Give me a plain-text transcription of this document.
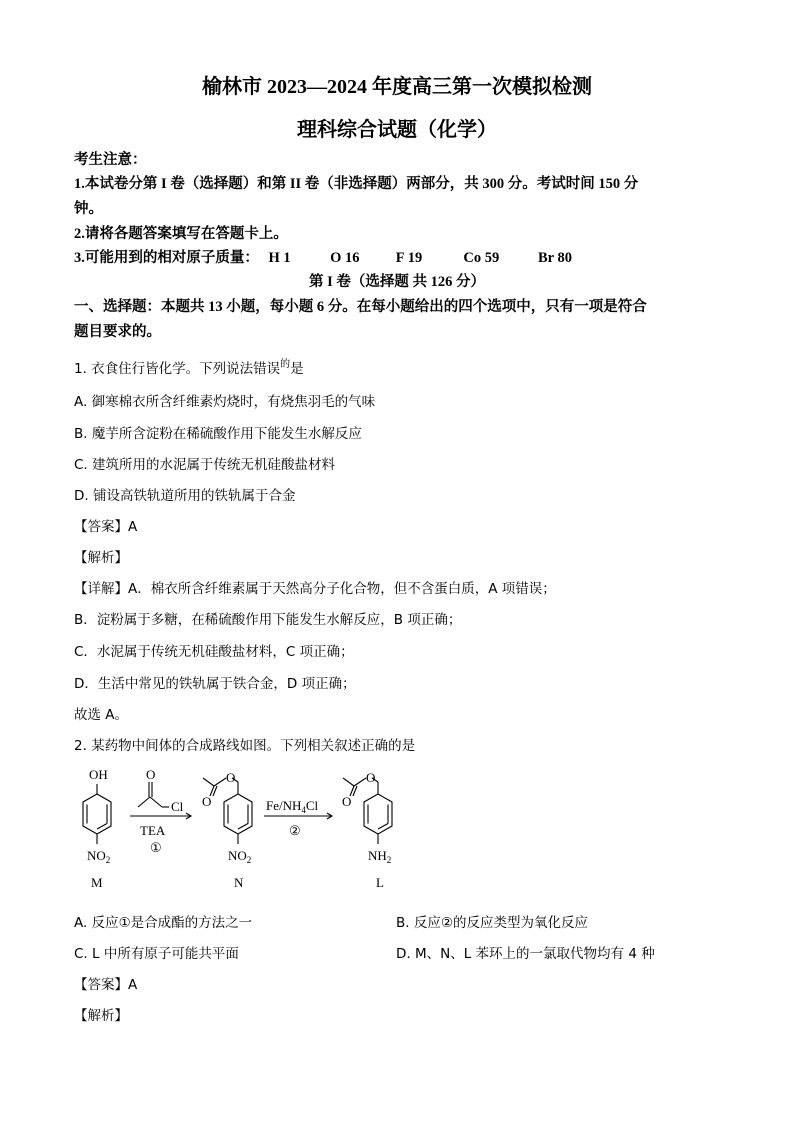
榆林市 2023—2024 年度高三第一次模拟检测
理科综合试题（化学）
考生注意：
1.本试卷分第 I 卷（选择题）和第 II 卷（非选择题）两部分，共 300 分。考试时间 150 分
钟。
2.请将各题答案填写在答题卡上。
3.可能用到的相对原子质量： H 1	O 16 F 19	Co 59	Br 80
第 I 卷（选择题 共 126 分）
一、选择题：本题共 13 小题，每小题 6 分。在每小题给出的四个选项中，只有一项是符合
题目要求的。
1. 衣食住行皆化学。下列说法错误$^的$是
A. 御寒棉衣所含纤维素灼烧时，有烧焦羽毛的气味
B. 魔芋所含淀粉在稀硫酸作用下能发生水解反应
C. 建筑所用的水泥属于传统无机硅酸盐材料
D. 铺设高铁轨道所用的铁轨属于合金
【答案】A
【解析】
【详解】A．棉衣所含纤维素属于天然高分子化合物，但不含蛋白质，A 项错误；
B．淀粉属于多糖，在稀硫酸作用下能发生水解反应，B 项正确；
C．水泥属于传统无机硅酸盐材料，C 项正确；
D．生活中常见的铁轨属于铁合金，D 项正确；
故选 A。
2. 某药物中间体的合成路线如图。下列相关叙述正确的是
OH
$NO_2$
M
O
Cl
TEA
①
O
O
$NO_2$
N
$Fe/NH_4Cl$
②
O
O
$NH_2$
L
A. 反应①是合成酯的方法之一	B. 反应②的反应类型为氧化反应
C. L 中所有原子可能共平面	D. M、N、L 苯环上的一氯取代物均有 4 种
【答案】A
【解析】
